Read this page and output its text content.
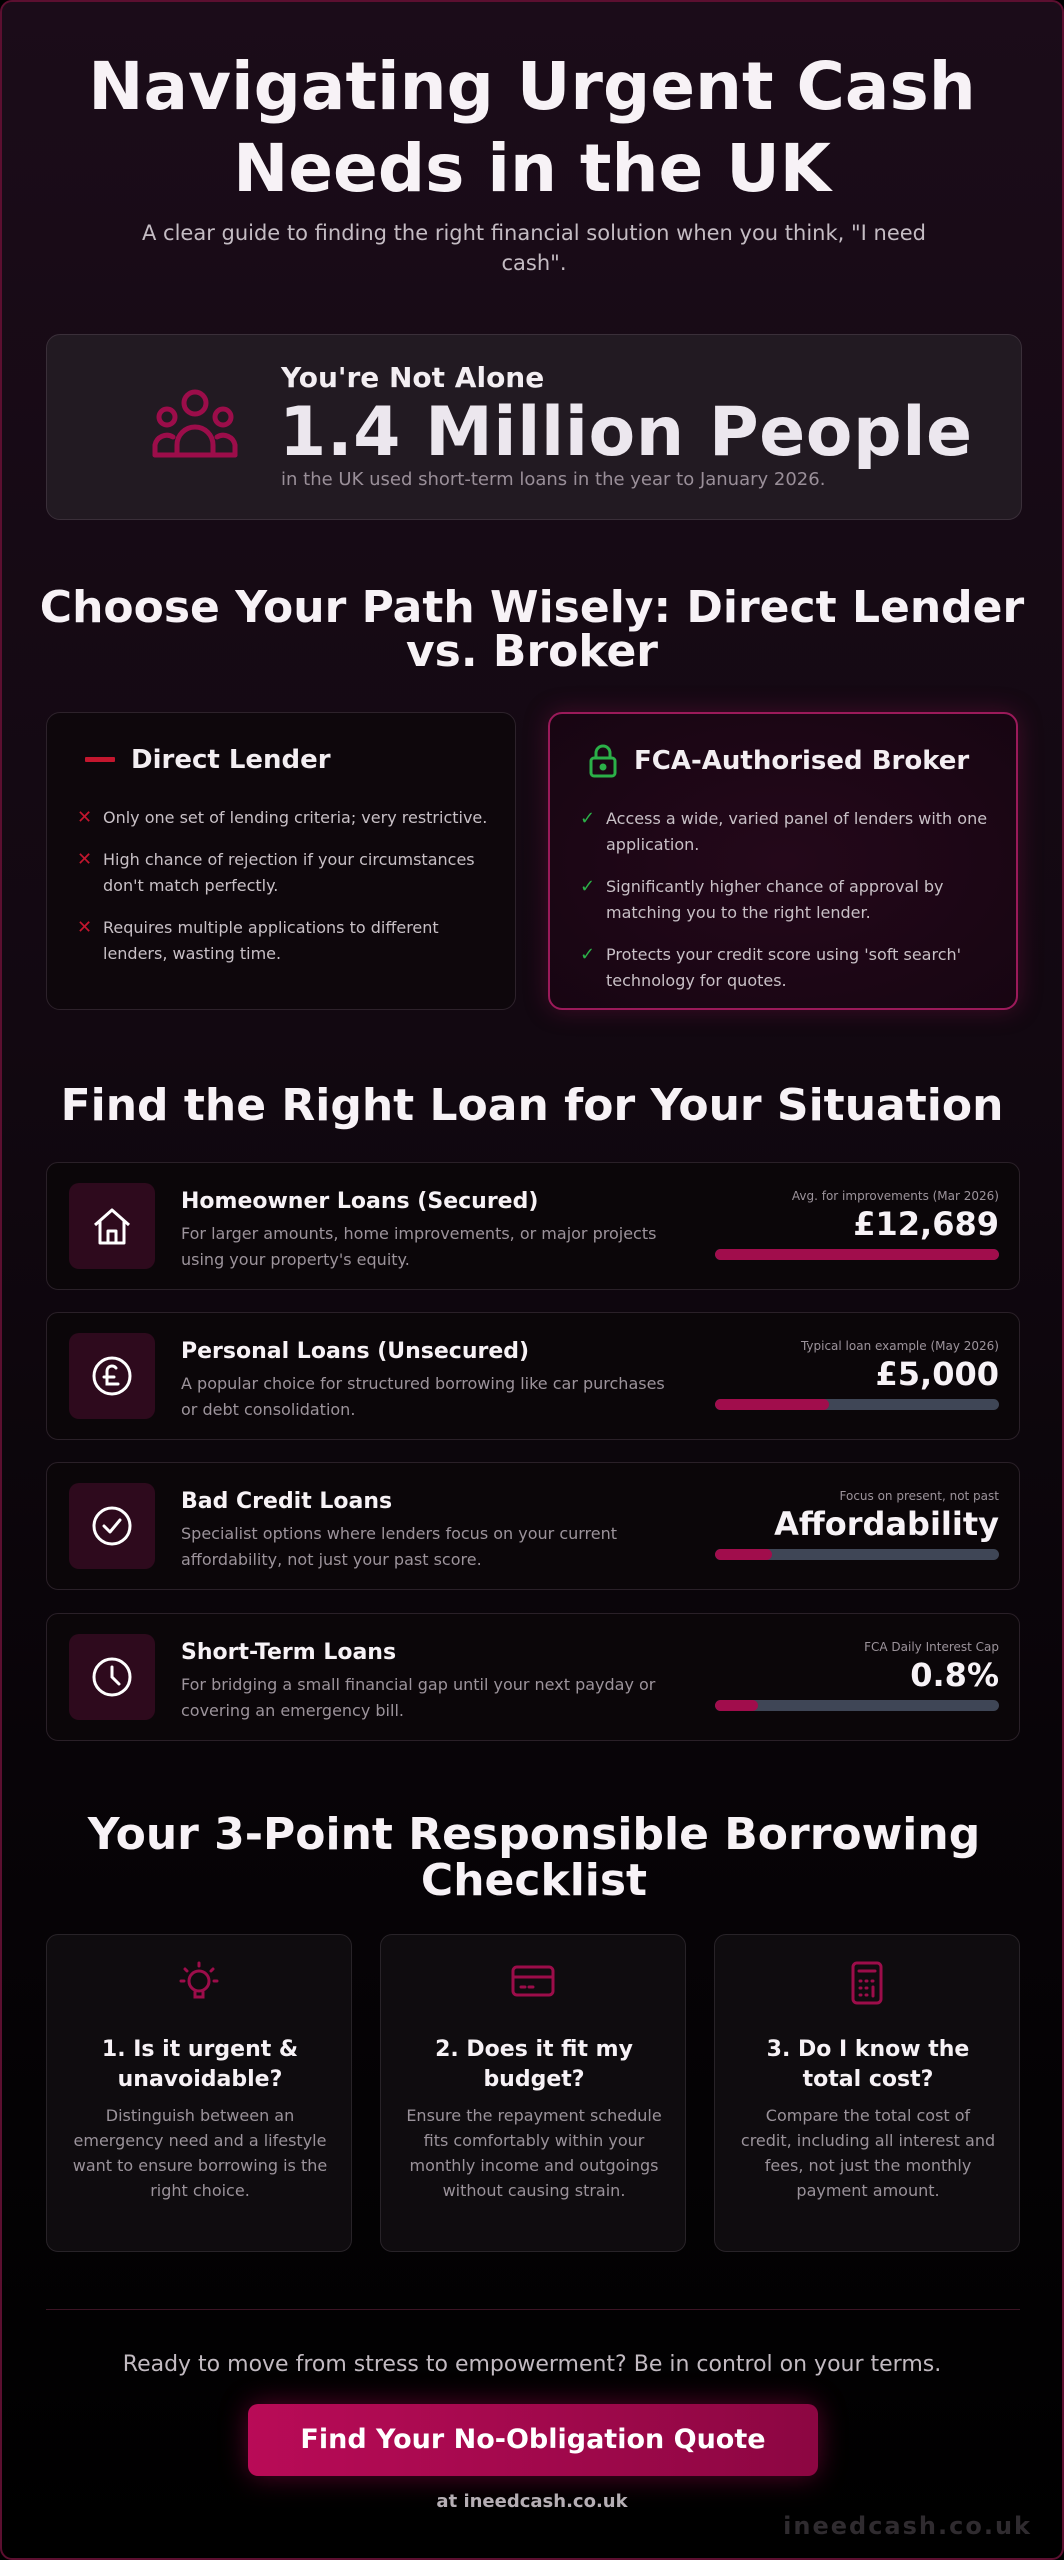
Navigating Urgent Cash Needs in the UK
A clear guide to finding the right financial solution when you think, "I need cash".
You're Not Alone
1.4 Million People
in the UK used short-term loans in the year to January 2026.
Choose Your Path Wisely: Direct Lender vs. Broker
Direct Lender
✕ Only one set of lending criteria; very restrictive.
✕ High chance of rejection if your circumstances don't match perfectly.
✕ Requires multiple applications to different lenders, wasting time.
FCA-Authorised Broker
✓ Access a wide, varied panel of lenders with one application.
✓ Significantly higher chance of approval by matching you to the right lender.
✓ Protects your credit score using 'soft search' technology for quotes.
Find the Right Loan for Your Situation
Homeowner Loans (Secured)
For larger amounts, home improvements, or major projects using your property's equity.
Avg. for improvements (Mar 2026)
£12,689
Personal Loans (Unsecured)
A popular choice for structured borrowing like car purchases or debt consolidation.
Typical loan example (May 2026)
£5,000
Bad Credit Loans
Specialist options where lenders focus on your current affordability, not just your past score.
Focus on present, not past
Affordability
Short-Term Loans
For bridging a small financial gap until your next payday or covering an emergency bill.
FCA Daily Interest Cap
0.8%
Your 3-Point Responsible Borrowing Checklist
1. Is it urgent & unavoidable?
Distinguish between an emergency need and a lifestyle want to ensure borrowing is the right choice.
2. Does it fit my budget?
Ensure the repayment schedule fits comfortably within your monthly income and outgoings without causing strain.
3. Do I know the total cost?
Compare the total cost of credit, including all interest and fees, not just the monthly payment amount.
Ready to move from stress to empowerment? Be in control on your terms.
Find Your No-Obligation Quote
at ineedcash.co.uk
ineedcash.co.uk
